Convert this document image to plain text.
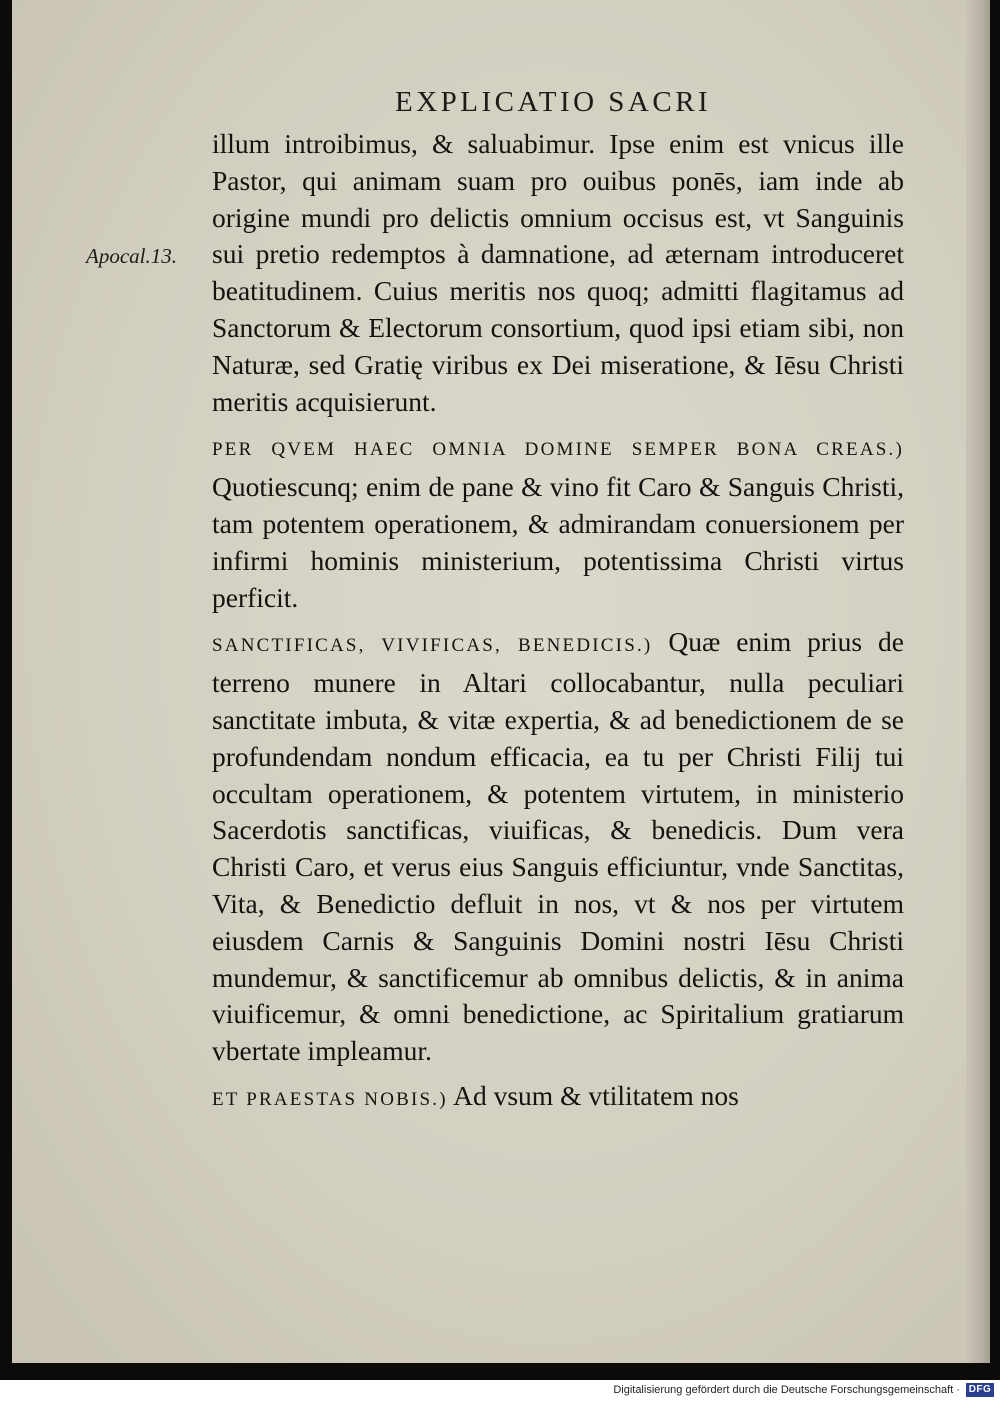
EXPLICATIO SACRI
Apocal.13.

illum introibimus, & saluabimur. Ipse enim est vnicus ille Pastor, qui animam suam pro ouibus ponēs, iam inde ab origine mundi pro delictis omnium occisus est, vt Sanguinis sui pretio redemptos à damnatione, ad æternam introduceret beatitudinem. Cuius meritis nos quoq; admitti flagitamus ad Sanctorum & Electorum consortium, quod ipsi etiam sibi, non Naturæ, sed Gratię viribus ex Dei miseratione, & Iēsu Christi meritis acquisierunt.

PER QVEM HAEC OMNIA DOMINE SEMPER BONA CREAS.) Quotiescunq; enim de pane & vino fit Caro & Sanguis Christi, tam potentem operationem, & admirandam conuersionem per infirmi hominis ministerium, potentissima Christi virtus perficit.

SANCTIFICAS, VIVIFICAS, BENEDICIS.) Quæ enim prius de terreno munere in Altari collocabantur, nulla peculiari sanctitate imbuta, & vitæ expertia, & ad benedictionem de se profundendam nondum efficacia, ea tu per Christi Filij tui occultam operationem, & potentem virtutem, in ministerio Sacerdotis sanctificas, viuificas, & benedicis. Dum vera Christi Caro, et verus eius Sanguis efficiuntur, vnde Sanctitas, Vita, & Benedictio defluit in nos, vt & nos per virtutem eiusdem Carnis & Sanguinis Domini nostri Iēsu Christi mundemur, & sanctificemur ab omnibus delictis, & in anima viuificemur, & omni benedictione, ac Spiritalium gratiarum vbertate impleamur.

ET PRAESTAS NOBIS.) Ad vsum & vtilitatem nos

Digitalisierung gefördert durch die Deutsche Forschungsgemeinschaft · DFG
